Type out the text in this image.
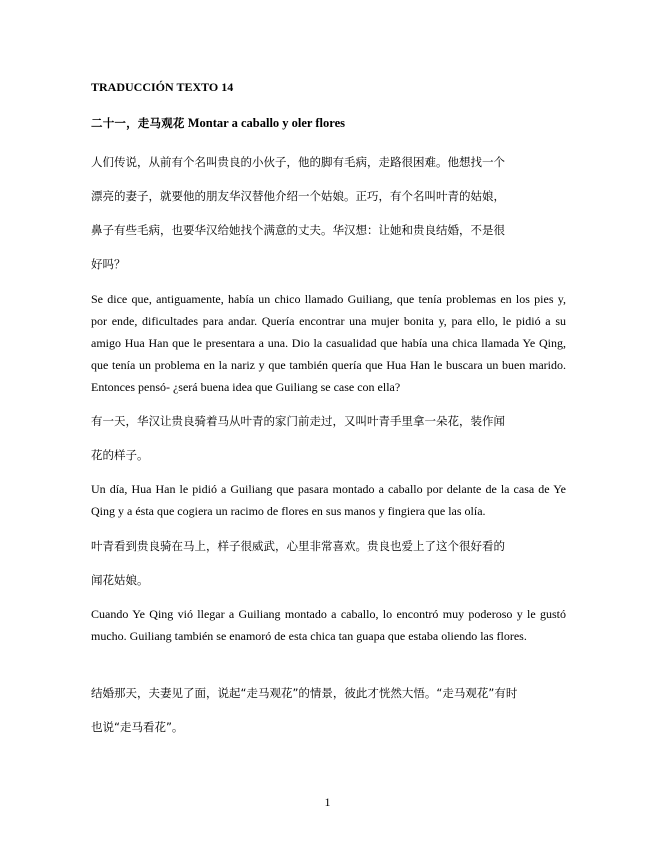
TRADUCCIÓN TEXTO 14
二十一，走马观花 Montar a caballo y oler flores

人们传说，从前有个名叫贵良的小伙子，他的脚有毛病，走路很困难。他想找一个

漂亮的妻子，就要他的朋友华汉替他介绍一个姑娘。正巧，有个名叫叶青的姑娘，

鼻子有些毛病，也要华汉给她找个满意的丈夫。华汉想：让她和贵良结婚，不是很

好吗？

Se dice que, antiguamente, había un chico llamado Guiliang, que tenía problemas en los pies y, por ende, dificultades para andar. Quería encontrar una mujer bonita y, para ello, le pidió a su amigo Hua Han que le presentara a una. Dio la casualidad que había una chica llamada Ye Qing, que tenía un problema en la nariz y que también quería que Hua Han le buscara un buen marido. Entonces pensó- ¿será buena idea que Guiliang se case con ella?

有一天，华汉让贵良骑着马从叶青的家门前走过，又叫叶青手里拿一朵花，装作闻

花的样子。

Un día, Hua Han le pidió a Guiliang que pasara montado a caballo por delante de la casa de Ye Qing y a ésta que cogiera un racimo de flores en sus manos y fingiera que las olía.

叶青看到贵良骑在马上，样子很威武，心里非常喜欢。贵良也爱上了这个很好看的

闻花姑娘。

Cuando Ye Qing vió llegar a Guiliang montado a caballo, lo encontró muy poderoso y le gustó mucho. Guiliang también se enamoró de esta chica tan guapa que estaba oliendo las flores.

结婚那天，夫妻见了面，说起“走马观花”的情景，彼此才恍然大悟。“走马观花”有时

也说“走马看花”。

1
